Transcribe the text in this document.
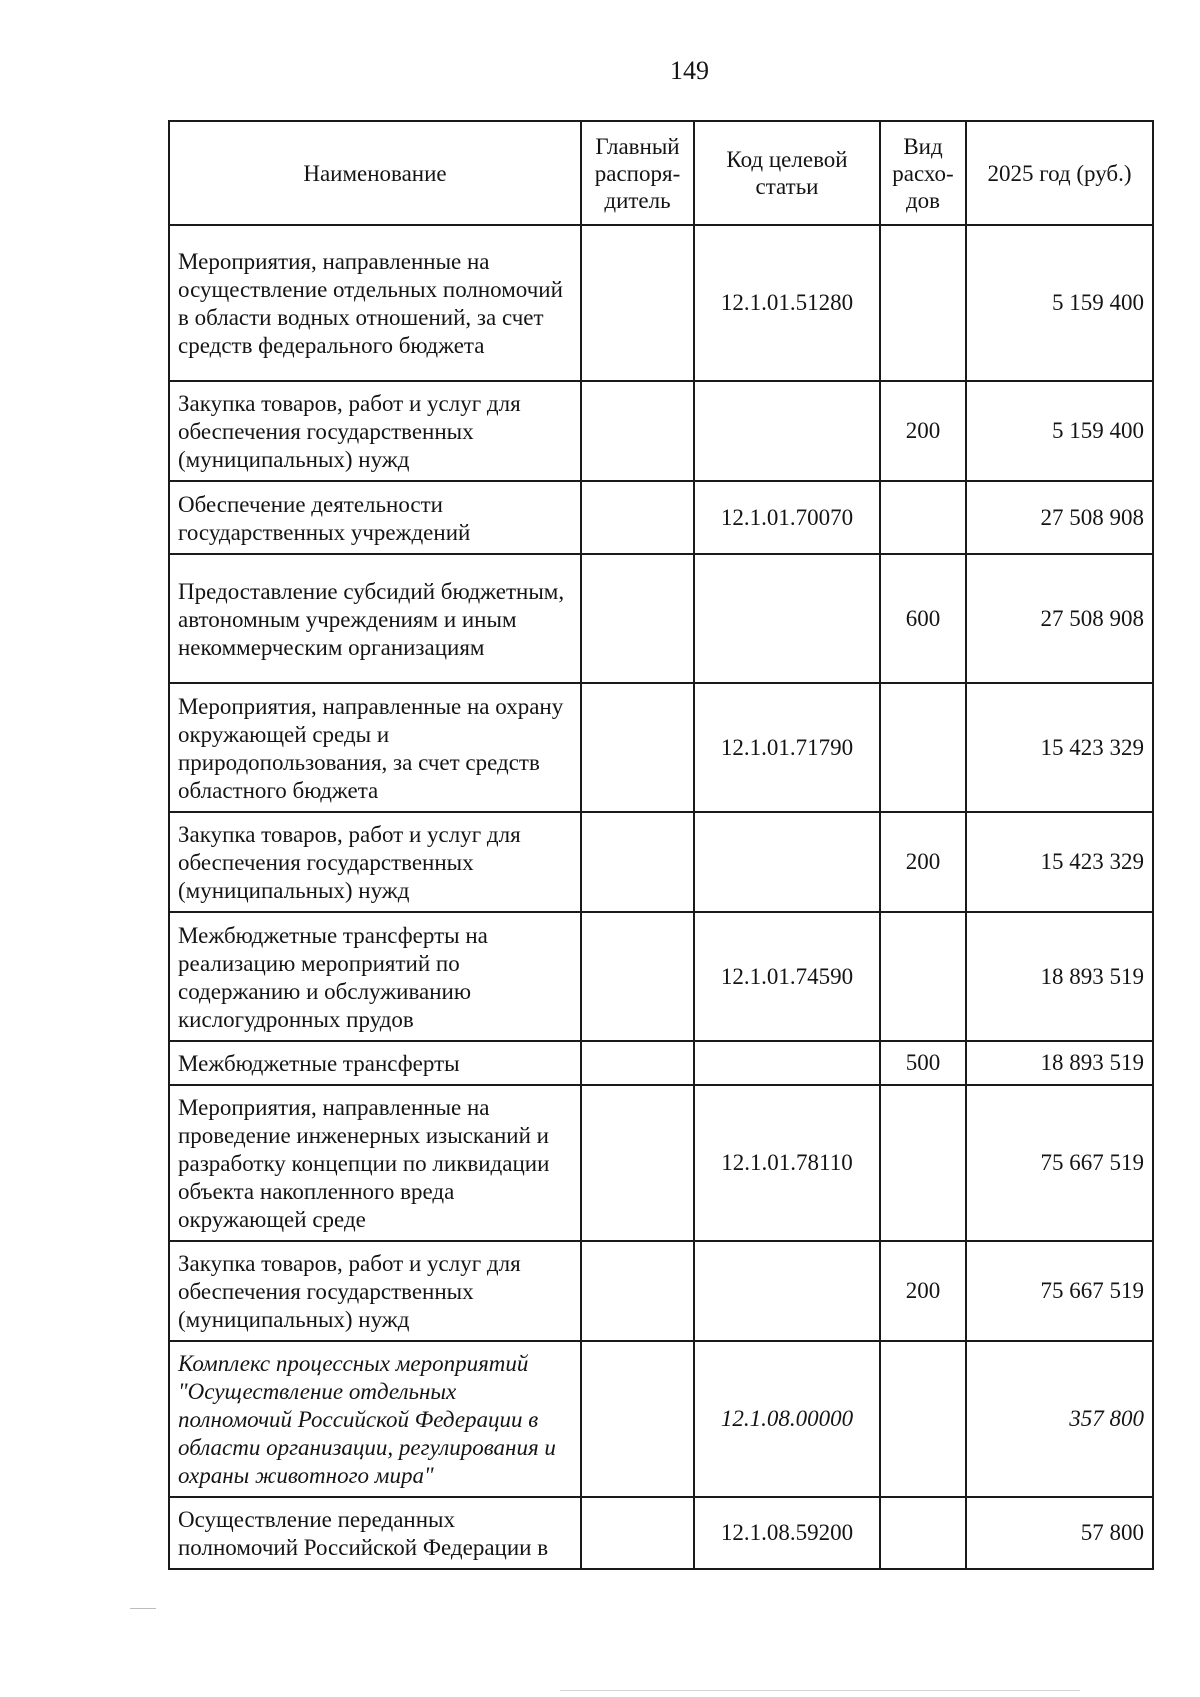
149
Наименование	Главный распоря-дитель	Код целевой статьи	Вид расхо-дов	2025 год (руб.)
Мероприятия, направленные на осуществление отдельных полномочий в области водных отношений, за счет средств федерального бюджета		12.1.01.51280		5 159 400
Закупка товаров, работ и услуг для обеспечения государственных (муниципальных) нужд			200	5 159 400
Обеспечение деятельности государственных учреждений		12.1.01.70070		27 508 908
Предоставление субсидий бюджетным, автономным учреждениям и иным некоммерческим организациям			600	27 508 908
Мероприятия, направленные на охрану окружающей среды и природопользования, за счет средств областного бюджета		12.1.01.71790		15 423 329
Закупка товаров, работ и услуг для обеспечения государственных (муниципальных) нужд			200	15 423 329
Межбюджетные трансферты на реализацию мероприятий по содержанию и обслуживанию кислогудронных прудов		12.1.01.74590		18 893 519
Межбюджетные трансферты			500	18 893 519
Мероприятия, направленные на проведение инженерных изысканий и разработку концепции по ликвидации объекта накопленного вреда окружающей среде		12.1.01.78110		75 667 519
Закупка товаров, работ и услуг для обеспечения государственных (муниципальных) нужд			200	75 667 519
Комплекс процессных мероприятий "Осуществление отдельных полномочий Российской Федерации в области организации, регулирования и охраны животного мира"		12.1.08.00000		357 800
Осуществление переданных полномочий Российской Федерации в		12.1.08.59200		57 800
